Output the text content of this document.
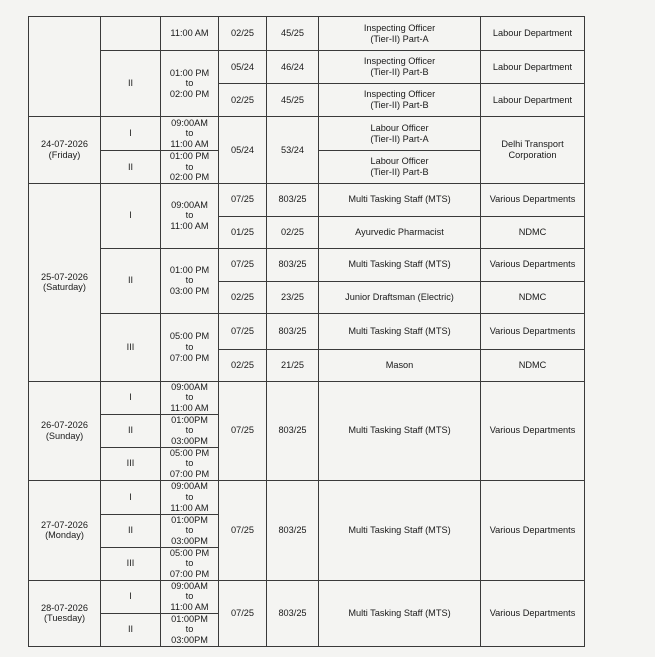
		11:00 AM	02/25	45/25	Inspecting Officer
(Tier-II) Part-A	Labour Department

	II	01:00 PM
to
02:00 PM	05/24	46/24	Inspecting Officer
(Tier-II) Part-B	Labour Department

			02/25	45/25	Inspecting Officer
(Tier-II) Part-B	Labour Department

24-07-2026
(Friday)	I	09:00AM
to
11:00 AM	05/24	53/24	Labour Officer
(Tier-II) Part-A	Delhi Transport
Corporation

	II	01:00 PM
to
02:00 PM			Labour Officer
(Tier-II) Part-B	

25-07-2026
(Saturday)	I	09:00AM
to
11:00 AM	07/25	803/25	Multi Tasking Staff (MTS)	Various Departments

			01/25	02/25	Ayurvedic Pharmacist	NDMC

	II	01:00 PM
to
03:00 PM	07/25	803/25	Multi Tasking Staff (MTS)	Various Departments

			02/25	23/25	Junior Draftsman (Electric)	NDMC

	III	05:00 PM
to
07:00 PM	07/25	803/25	Multi Tasking Staff (MTS)	Various Departments

			02/25	21/25	Mason	NDMC

26-07-2026
(Sunday)	I	09:00AM
to
11:00 AM	07/25	803/25	Multi Tasking Staff (MTS)	Various Departments

	II	01:00PM
to
03:00PM				

	III	05:00 PM
to
07:00 PM				

27-07-2026
(Monday)	I	09:00AM
to
11:00 AM	07/25	803/25	Multi Tasking Staff (MTS)	Various Departments

	II	01:00PM
to
03:00PM				

	III	05:00 PM
to
07:00 PM				

28-07-2026
(Tuesday)	I	09:00AM
to
11:00 AM	07/25	803/25	Multi Tasking Staff (MTS)	Various Departments

	II	01:00PM
to
03:00PM				
